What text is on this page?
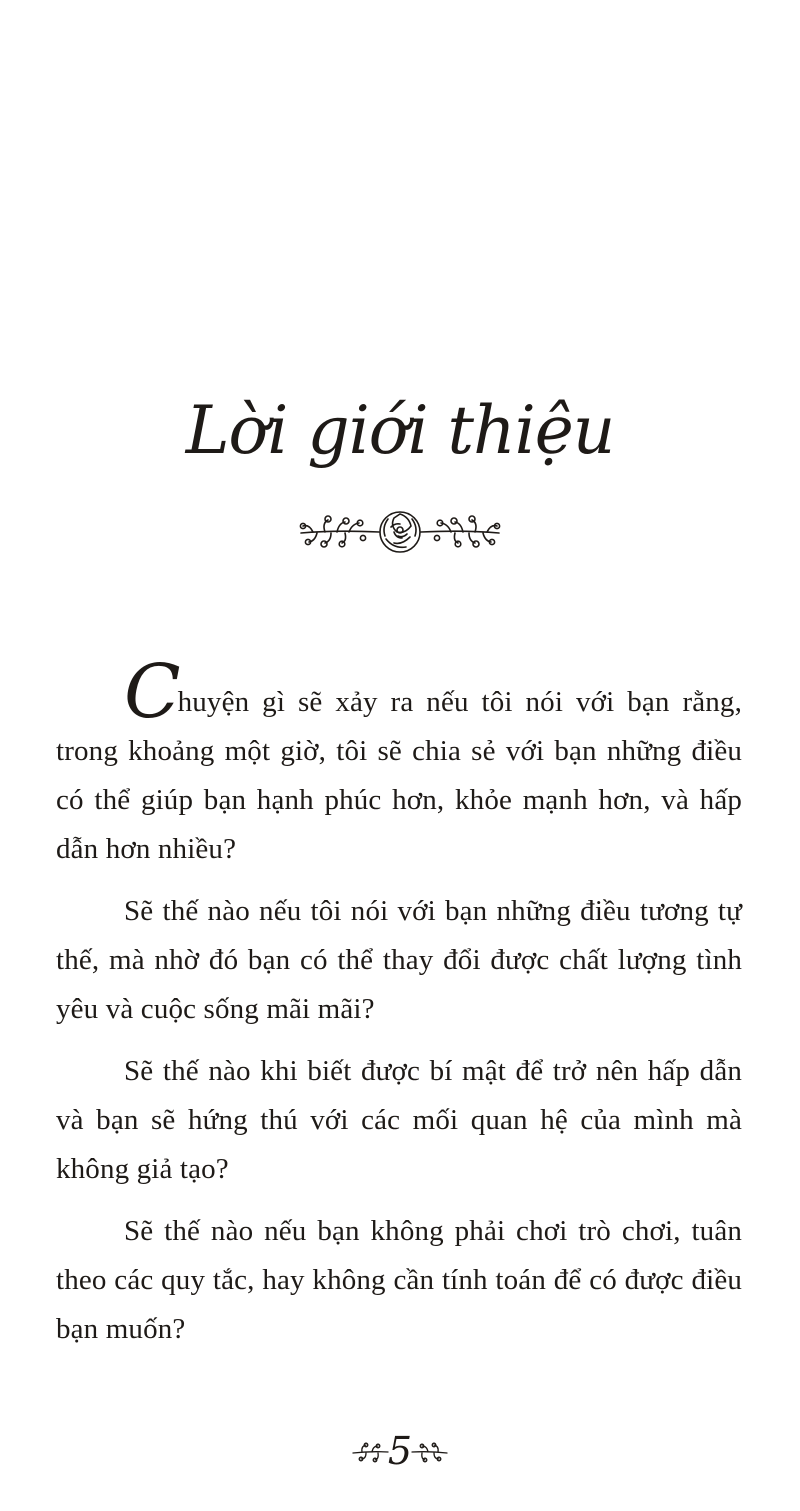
Lời giới thiệu

Chuyện gì sẽ xảy ra nếu tôi nói với bạn rằng, trong khoảng một giờ, tôi sẽ chia sẻ với bạn những điều có thể giúp bạn hạnh phúc hơn, khỏe mạnh hơn, và hấp dẫn hơn nhiều?

Sẽ thế nào nếu tôi nói với bạn những điều tương tự thế, mà nhờ đó bạn có thể thay đổi được chất lượng tình yêu và cuộc sống mãi mãi?

Sẽ thế nào khi biết được bí mật để trở nên hấp dẫn và bạn sẽ hứng thú với các mối quan hệ của mình mà không giả tạo?

Sẽ thế nào nếu bạn không phải chơi trò chơi, tuân theo các quy tắc, hay không cần tính toán để có được điều bạn muốn?

5
